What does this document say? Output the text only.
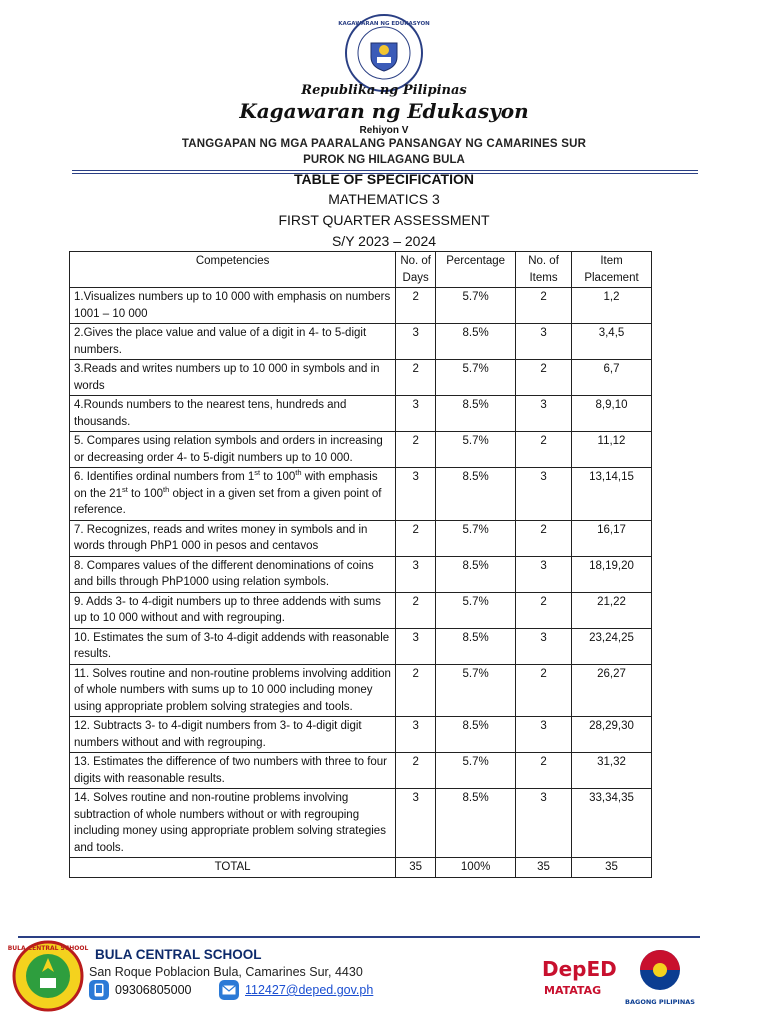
KAGAWARAN NG EDUKASYON
Republika ng Pilipinas
Kagawaran ng Edukasyon
Rehiyon V
TANGGAPAN NG MGA PAARALANG PANSANGAY NG CAMARINES SUR
PUROK NG HILAGANG BULA
TABLE OF SPECIFICATION
MATHEMATICS 3
FIRST QUARTER ASSESSMENT
S/Y 2023 – 2024
Competencies	No. of Days	Percentage	No. of Items	Item Placement
1.Visualizes numbers up to 10 000 with emphasis on numbers 1001 – 10 000	2	5.7%	2	1,2
2.Gives the place value and value of a digit in 4- to 5-digit numbers.	3	8.5%	3	3,4,5
3.Reads and writes numbers up to 10 000 in symbols and in words	2	5.7%	2	6,7
4.Rounds numbers to the nearest tens, hundreds and thousands.	3	8.5%	3	8,9,10
5. Compares using relation symbols and orders in increasing or decreasing order 4- to 5-digit numbers up to 10 000.	2	5.7%	2	11,12
6. Identifies ordinal numbers from 1st to 100th with emphasis on the 21st to 100th object in a given set from a given point of reference.	3	8.5%	3	13,14,15
7. Recognizes, reads and writes money in symbols and in words through PhP1 000 in pesos and centavos	2	5.7%	2	16,17
8. Compares values of the different denominations of coins and bills through PhP1000 using relation symbols.	3	8.5%	3	18,19,20
9. Adds 3- to 4-digit numbers up to three addends with sums up to 10 000 without and with regrouping.	2	5.7%	2	21,22
10. Estimates the sum of 3-to 4-digit addends with reasonable results.	3	8.5%	3	23,24,25
11. Solves routine and non-routine problems involving addition of whole numbers with sums up to 10 000 including money using appropriate problem solving strategies and tools.	2	5.7%	2	26,27
12. Subtracts 3- to 4-digit numbers from 3- to 4-digit digit numbers without and with regrouping.	3	8.5%	3	28,29,30
13. Estimates the difference of two numbers with three to four digits with reasonable results.	2	5.7%	2	31,32
14. Solves routine and non-routine problems involving subtraction of whole numbers without or with regrouping including money using appropriate problem solving strategies and tools.	3	8.5%	3	33,34,35
TOTAL	35	100%	35	35
BULA CENTRAL SCHOOL BULA CENTRAL SCHOOL
San Roque Poblacion Bula, Camarines Sur, 4430
09306805000	112427@deped.gov.ph
DepED
MATATAG
BAGONG PILIPINAS
